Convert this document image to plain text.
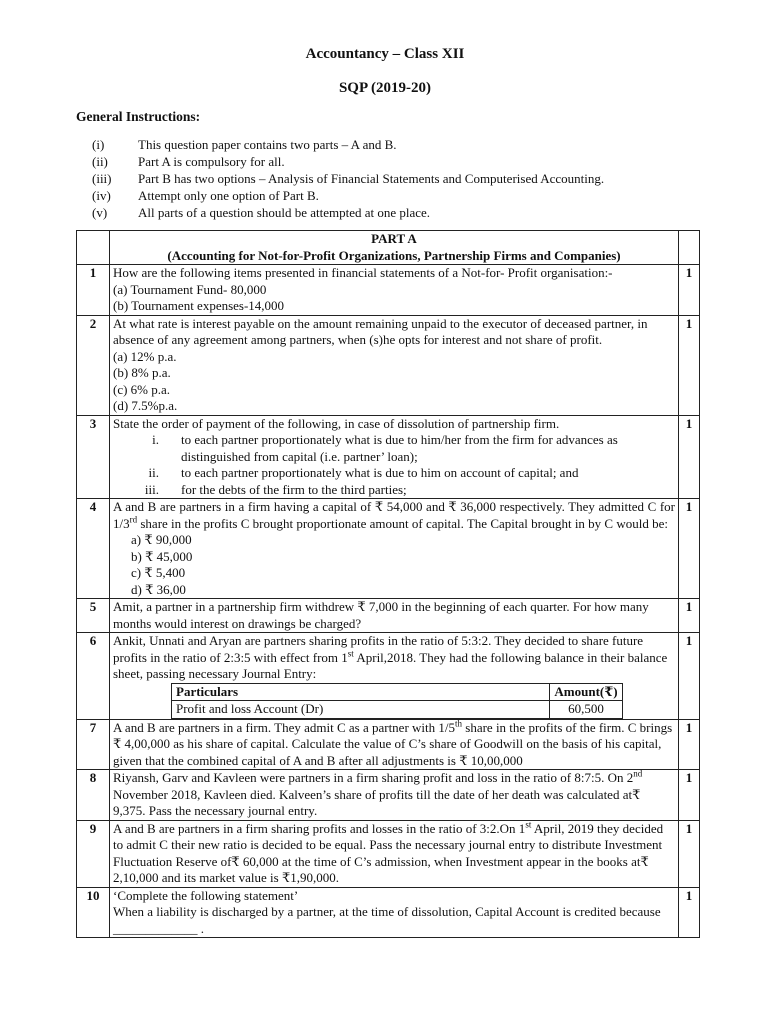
Accountancy – Class XII
SQP (2019-20)
General Instructions:
(i)	This question paper contains two parts – A and B.
(ii)	Part A is compulsory for all.
(iii)	Part B has two options – Analysis of Financial Statements and Computerised Accounting.
(iv)	Attempt only one option of Part B.
(v)	All parts of a question should be attempted at one place.

PART A
(Accounting for Not-for-Profit Organizations, Partnership Firms and Companies)

1	How are the following items presented in financial statements of a Not-for- Profit organisation:-
(a) Tournament Fund- 80,000
(b) Tournament expenses-14,000
	1
2	At what rate is interest payable on the amount remaining unpaid to the executor of deceased partner, in absence of any agreement among partners, when (s)he opts for interest and not share of profit.
(a) 12% p.a.
(b) 8% p.a.
(c) 6% p.a.
(d) 7.5%p.a.
	1
3	State the order of payment of the following, in case of dissolution of partnership firm.
i.	to each partner proportionately what is due to him/her from the firm for advances as distinguished from capital (i.e. partner’ loan);
ii.	to each partner proportionately what is due to him on account of capital; and
iii.	for the debts of the firm to the third parties;
	1
4	A and B are partners in a firm having a capital of ₹ 54,000 and ₹ 36,000 respectively. They admitted C for 1/3rd share in the profits C brought proportionate amount of capital. The Capital brought in by C would be:
a) ₹ 90,000
b) ₹ 45,000
c) ₹ 5,400
d) ₹ 36,00
	1
5	Amit, a partner in a partnership firm withdrew ₹ 7,000 in the beginning of each quarter. For how many months would interest on drawings be charged?
	1
6	Ankit, Unnati and Aryan are partners sharing profits in the ratio of 5:3:2. They decided to share future profits in the ratio of 2:3:5 with effect from 1st April,2018. They had the following balance in their balance sheet, passing necessary Journal Entry:
Particulars	Amount(₹)
Profit and loss Account (Dr)	60,500
	1
7	A and B are partners in a firm. They admit C as a partner with 1/5th share in the profits of the firm. C brings ₹ 4,00,000 as his share of capital. Calculate the value of C’s share of Goodwill on the basis of his capital, given that the combined capital of A and B after all adjustments is ₹ 10,00,000
	1
8	Riyansh, Garv and Kavleen were partners in a firm sharing profit and loss in the ratio of 8:7:5. On 2nd November 2018, Kavleen died. Kalveen’s share of profits till the date of her death was calculated at₹ 9,375. Pass the necessary journal entry.
	1
9	A and B are partners in a firm sharing profits and losses in the ratio of 3:2.On 1st April, 2019 they decided to admit C their new ratio is decided to be equal. Pass the necessary journal entry to distribute Investment Fluctuation Reserve of₹ 60,000 at the time of C’s admission, when Investment appear in the books at₹ 2,10,000 and its market value is ₹1,90,000.
	1
10	‘Complete the following statement’
When a liability is discharged by a partner, at the time of dissolution, Capital Account is credited because _____________ .
	1
